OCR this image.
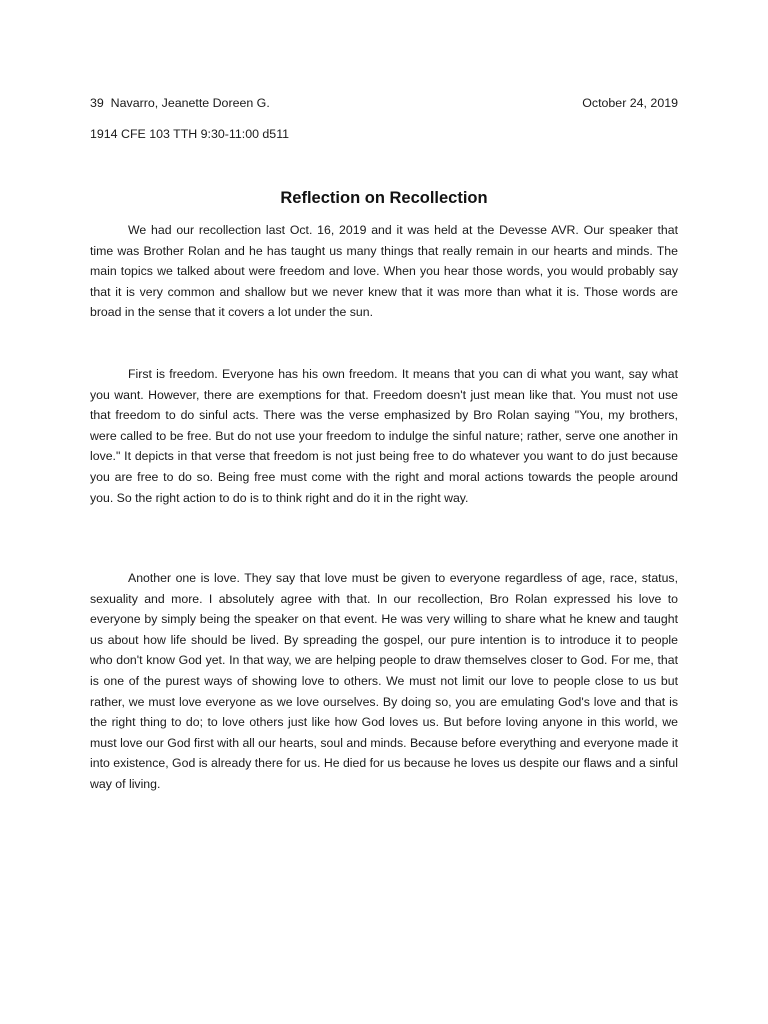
39  Navarro, Jeanette Doreen G.	October 24, 2019
1914 CFE 103 TTH 9:30-11:00 d511
Reflection on Recollection

We had our recollection last Oct. 16, 2019 and it was held at the Devesse AVR. Our speaker that time was Brother Rolan and he has taught us many things that really remain in our hearts and minds. The main topics we talked about were freedom and love. When you hear those words, you would probably say that it is very common and shallow but we never knew that it was more than what it is. Those words are broad in the sense that it covers a lot under the sun.

First is freedom. Everyone has his own freedom. It means that you can di what you want, say what you want. However, there are exemptions for that. Freedom doesn't just mean like that. You must not use that freedom to do sinful acts. There was the verse emphasized by Bro Rolan saying "You, my brothers, were called to be free. But do not use your freedom to indulge the sinful nature; rather, serve one another in love." It depicts in that verse that freedom is not just being free to do whatever you want to do just because you are free to do so. Being free must come with the right and moral actions towards the people around you. So the right action to do is to think right and do it in the right way.

Another one is love. They say that love must be given to everyone regardless of age, race, status, sexuality and more. I absolutely agree with that. In our recollection, Bro Rolan expressed his love to everyone by simply being the speaker on that event. He was very willing to share what he knew and taught us about how life should be lived. By spreading the gospel, our pure intention is to introduce it to people who don't know God yet. In that way, we are helping people to draw themselves closer to God. For me, that is one of the purest ways of showing love to others. We must not limit our love to people close to us but rather, we must love everyone as we love ourselves. By doing so, you are emulating God's love and that is the right thing to do; to love others just like how God loves us. But before loving anyone in this world, we must love our God first with all our hearts, soul and minds. Because before everything and everyone made it into existence, God is already there for us. He died for us because he loves us despite our flaws and a sinful way of living.
